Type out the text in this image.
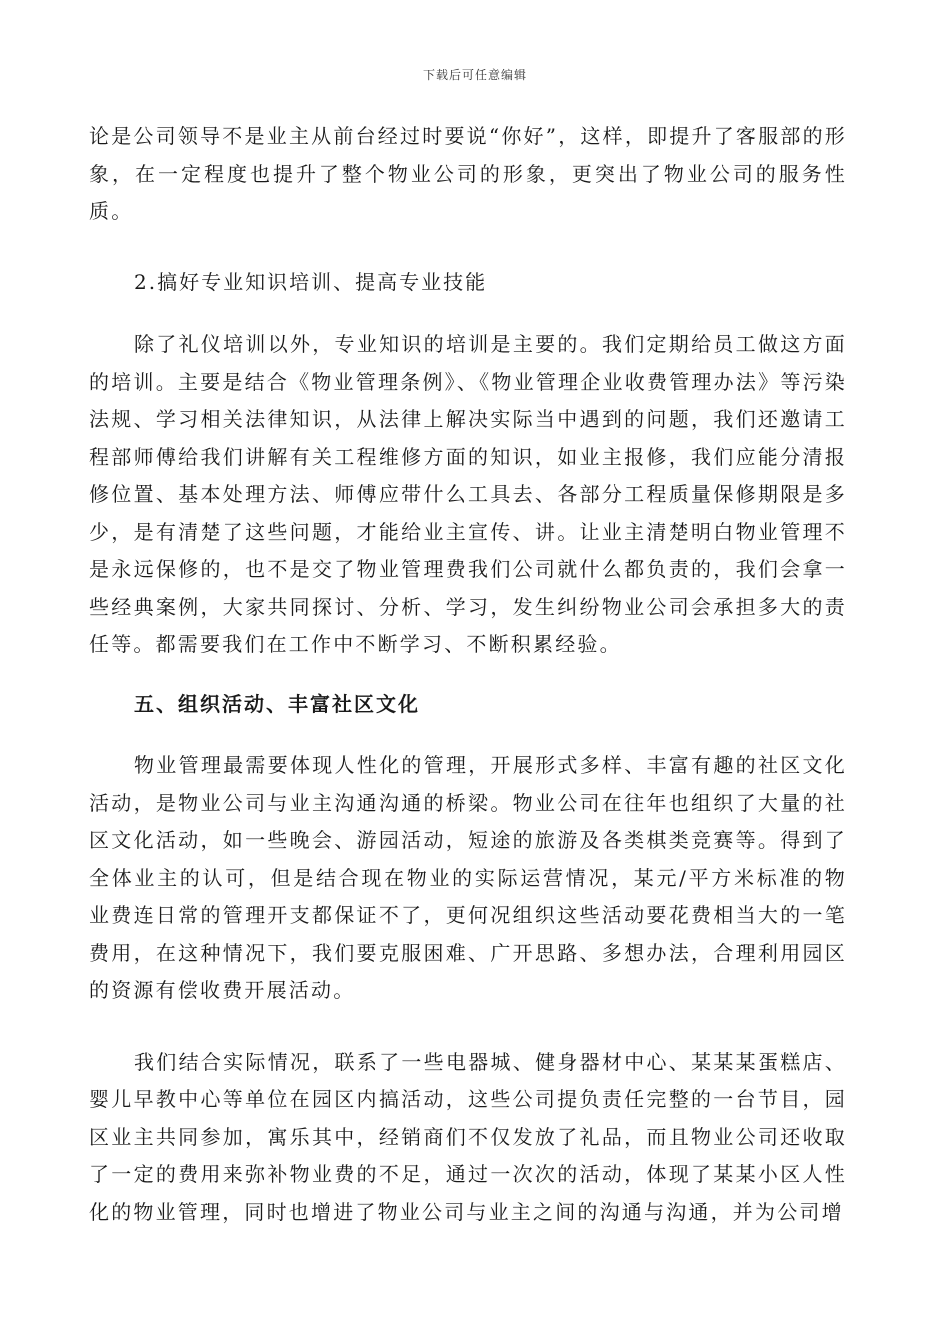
下载后可任意编辑

论是公司领导不是业主从前台经过时要说“你好”，这样，即提升了客服部的形象，在一定程度也提升了整个物业公司的形象，更突出了物业公司的服务性质。

2.搞好专业知识培训、提高专业技能

除了礼仪培训以外，专业知识的培训是主要的。我们定期给员工做这方面的培训。主要是结合《物业管理条例》、《物业管理企业收费管理办法》等污染法规、学习相关法律知识，从法律上解决实际当中遇到的问题，我们还邀请工程部师傅给我们讲解有关工程维修方面的知识，如业主报修，我们应能分清报修位置、基本处理方法、师傅应带什么工具去、各部分工程质量保修期限是多少，是有清楚了这些问题，才能给业主宣传、讲。让业主清楚明白物业管理不是永远保修的，也不是交了物业管理费我们公司就什么都负责的，我们会拿一些经典案例，大家共同探讨、分析、学习，发生纠纷物业公司会承担多大的责任等。都需要我们在工作中不断学习、不断积累经验。

五、组织活动、丰富社区文化

物业管理最需要体现人性化的管理，开展形式多样、丰富有趣的社区文化活动，是物业公司与业主沟通沟通的桥梁。物业公司在往年也组织了大量的社区文化活动，如一些晚会、游园活动，短途的旅游及各类棋类竞赛等。得到了全体业主的认可，但是结合现在物业的实际运营情况，某元/平方米标准的物业费连日常的管理开支都保证不了，更何况组织这些活动要花费相当大的一笔费用，在这种情况下，我们要克服困难、广开思路、多想办法，合理利用园区的资源有偿收费开展活动。

我们结合实际情况，联系了一些电器城、健身器材中心、某某某蛋糕店、婴儿早教中心等单位在园区内搞活动，这些公司提负责任完整的一台节目，园区业主共同参加，寓乐其中，经销商们不仅发放了礼品，而且物业公司还收取了一定的费用来弥补物业费的不足，通过一次次的活动，体现了某某小区人性化的物业管理，同时也增进了物业公司与业主之间的沟通与沟通，并为公司增
